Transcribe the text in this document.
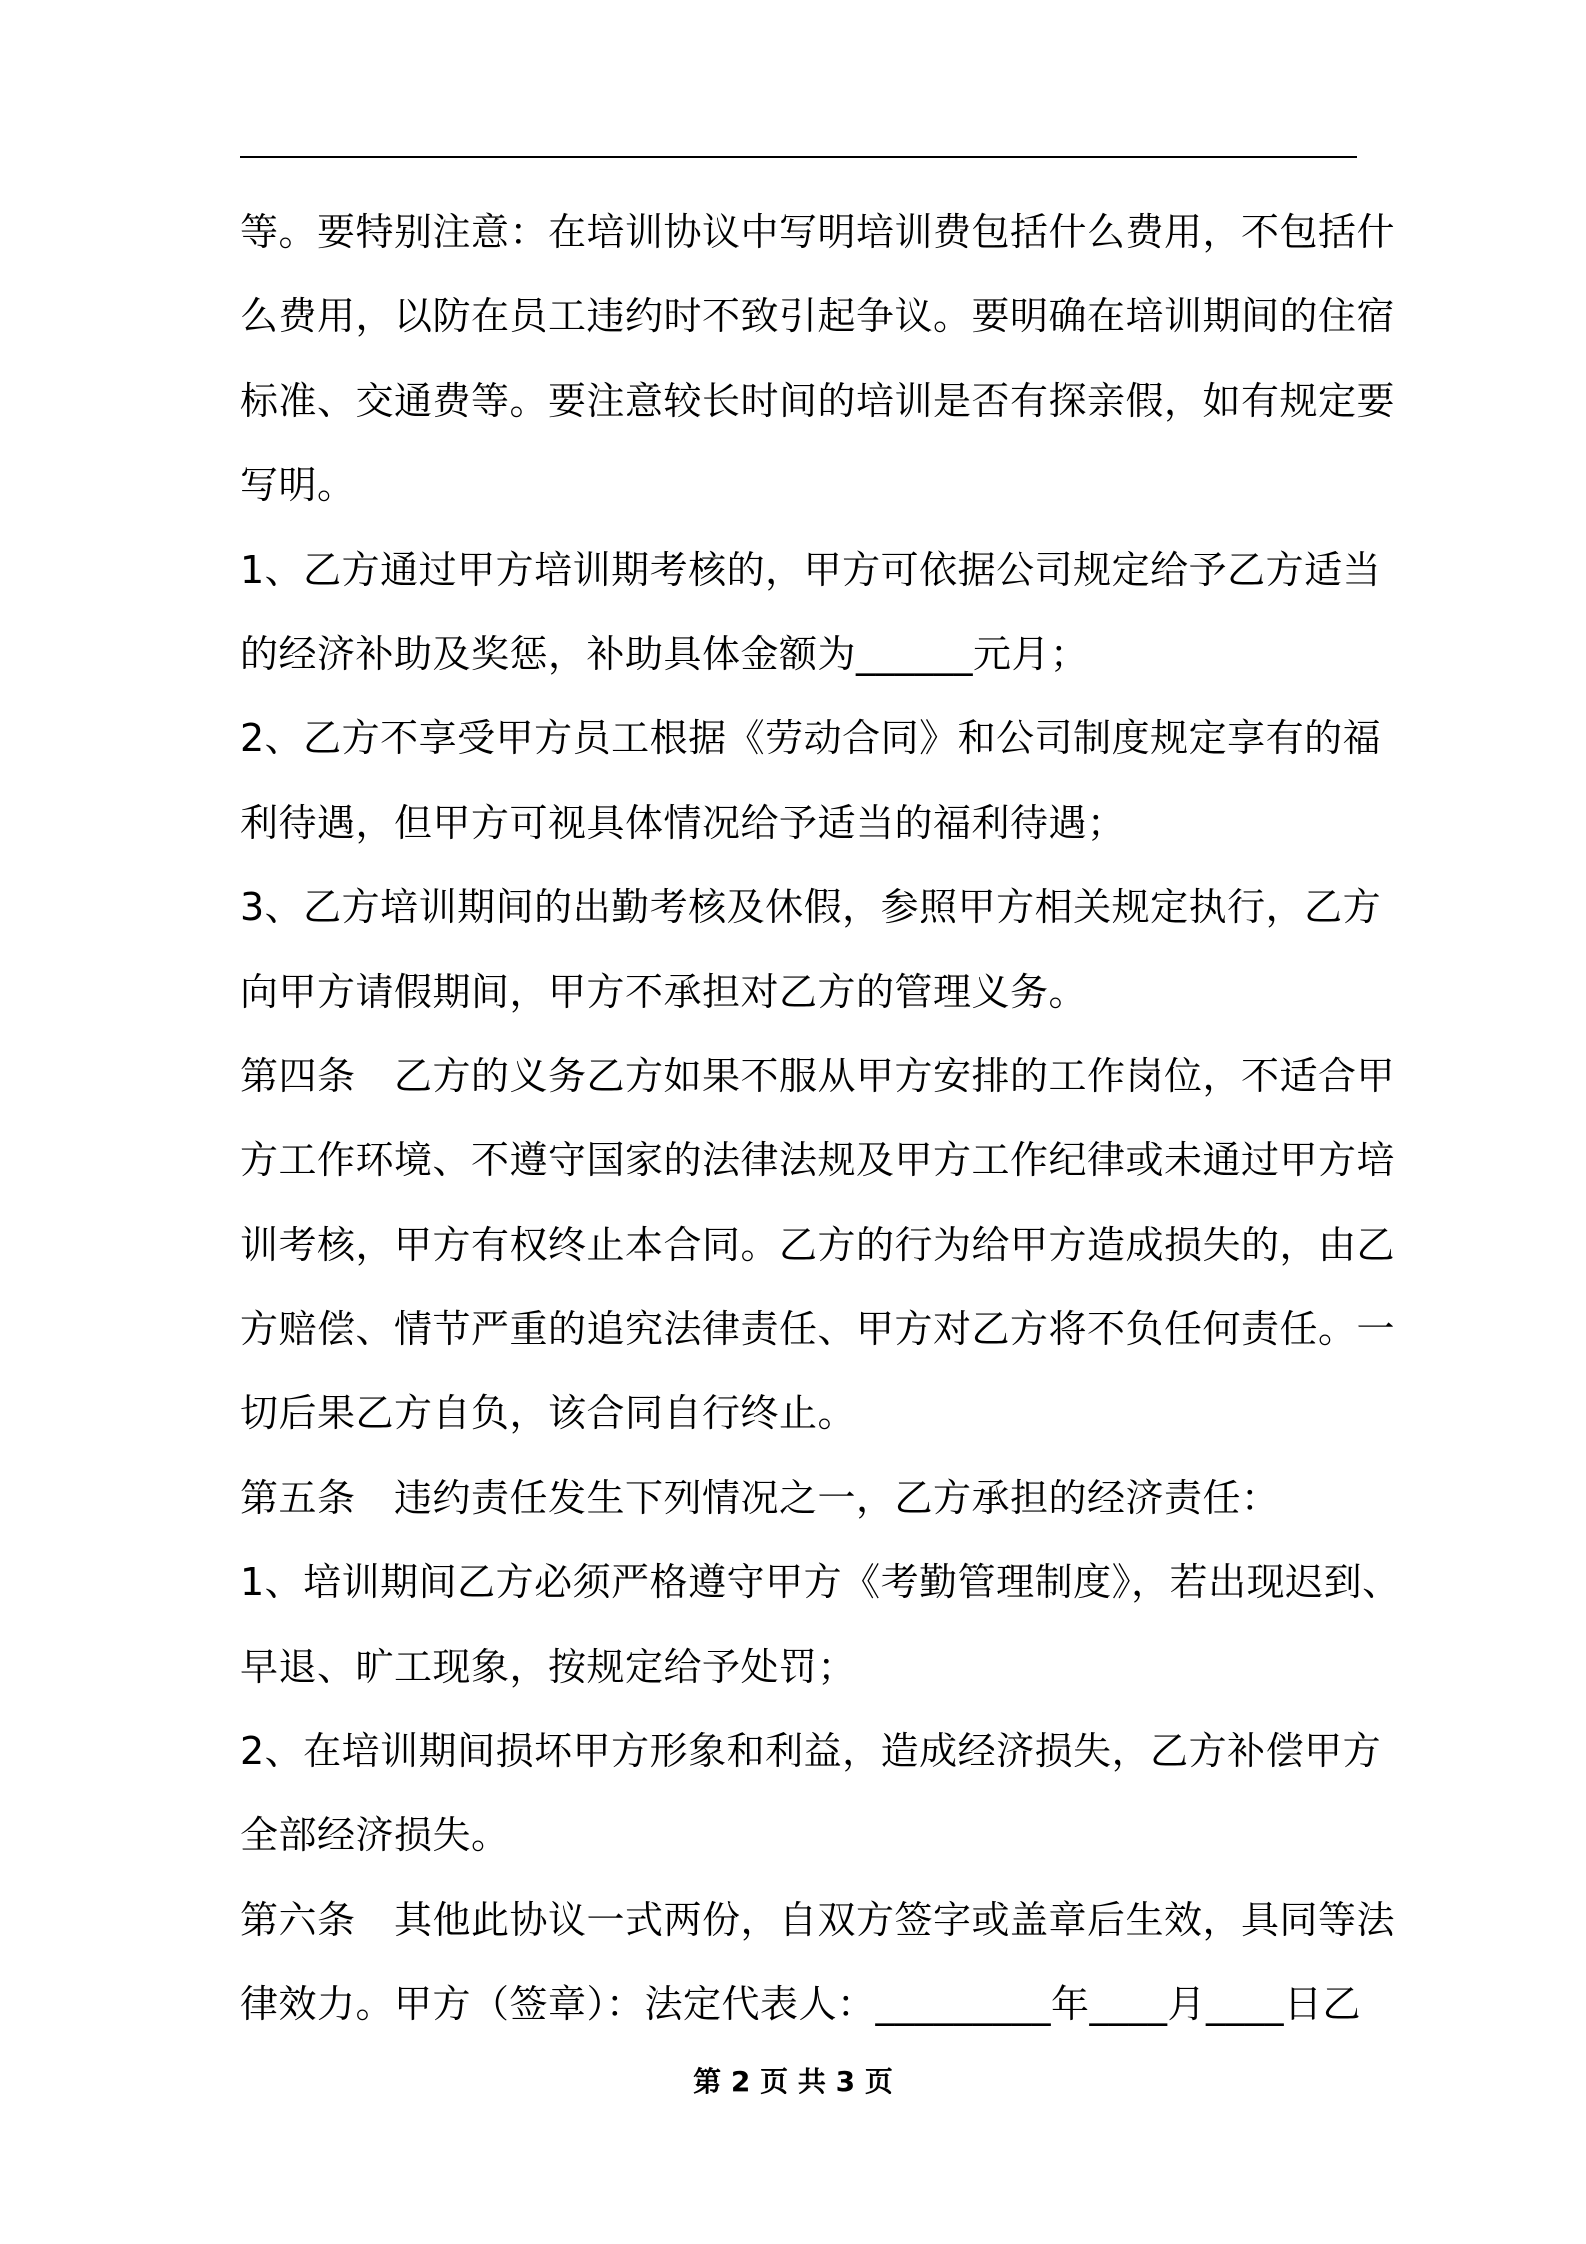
等。要特别注意：在培训协议中写明培训费包括什么费用，不包括什
么费用，以防在员工违约时不致引起争议。要明确在培训期间的住宿
标准、交通费等。要注意较长时间的培训是否有探亲假，如有规定要
写明。
1、乙方通过甲方培训期考核的，甲方可依据公司规定给予乙方适当
的经济补助及奖惩，补助具体金额为______元月；
2、乙方不享受甲方员工根据《劳动合同》和公司制度规定享有的福
利待遇，但甲方可视具体情况给予适当的福利待遇；
3、乙方培训期间的出勤考核及休假，参照甲方相关规定执行，乙方
向甲方请假期间，甲方不承担对乙方的管理义务。
第四条　乙方的义务乙方如果不服从甲方安排的工作岗位，不适合甲
方工作环境、不遵守国家的法律法规及甲方工作纪律或未通过甲方培
训考核，甲方有权终止本合同。乙方的行为给甲方造成损失的，由乙
方赔偿、情节严重的追究法律责任、甲方对乙方将不负任何责任。一
切后果乙方自负，该合同自行终止。
第五条　违约责任发生下列情况之一，乙方承担的经济责任：
1、培训期间乙方必须严格遵守甲方《考勤管理制度》，若出现迟到、
早退、旷工现象，按规定给予处罚；
2、在培训期间损坏甲方形象和利益，造成经济损失，乙方补偿甲方
全部经济损失。
第六条　其他此协议一式两份，自双方签字或盖章后生效，具同等法
律效力。甲方（签章）：法定代表人：_________年____月____日乙
第 2 页 共 3 页
